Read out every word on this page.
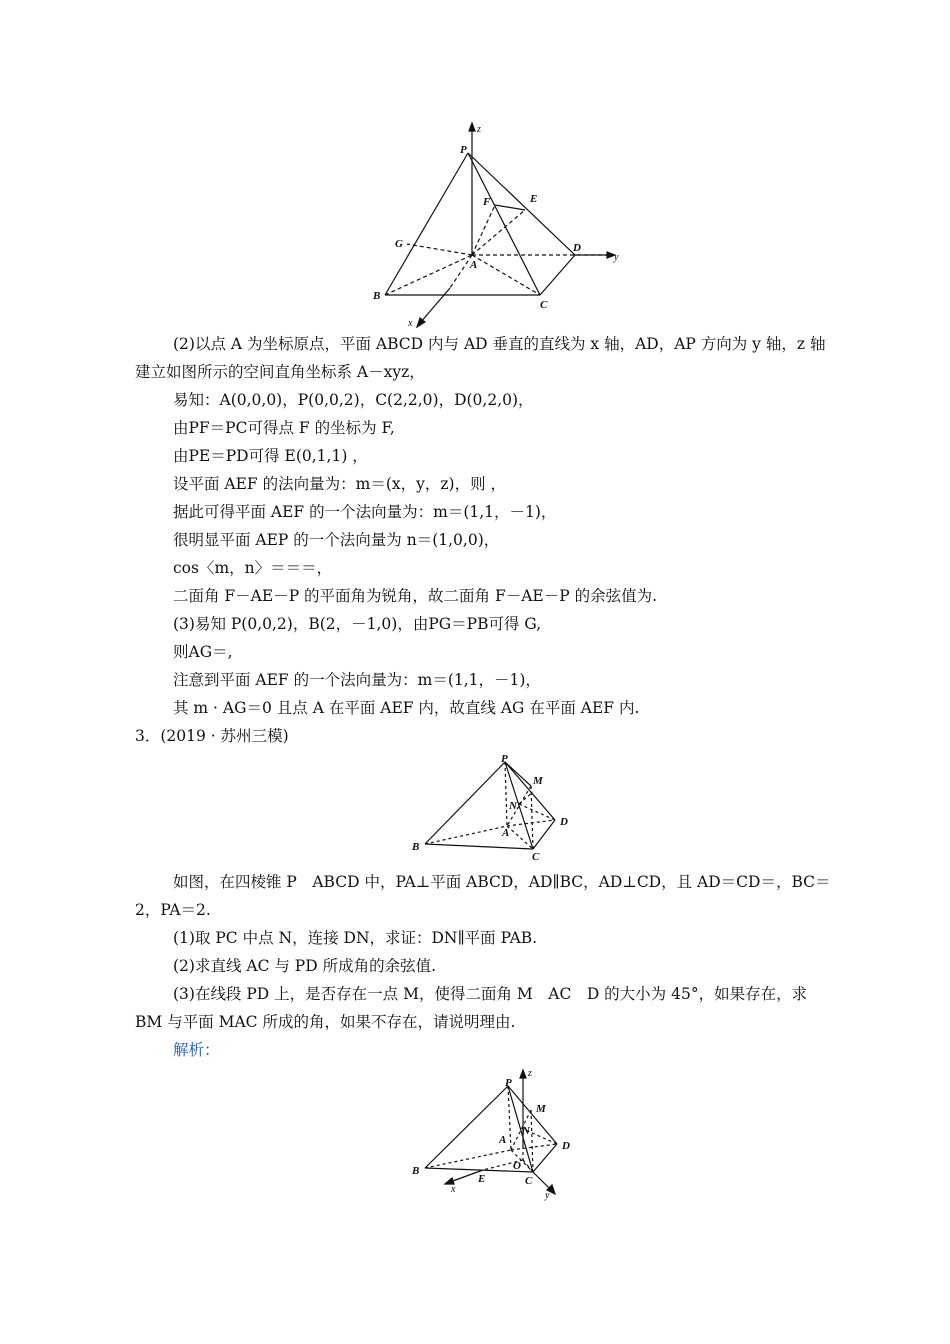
z
y
x
P
E
F
G	D
A
B
C
(2)以点 A 为坐标原点，平面 ABCD 内与 AD 垂直的直线为 x 轴，AD，AP 方向为 y 轴，z 轴
建立如图所示的空间直角坐标系 A－xyz，
易知：A(0,0,0)，P(0,0,2)，C(2,2,0)，D(0,2,0)，
由PF＝PC可得点 F 的坐标为 F,
由PE＝PD可得 E(0,1,1) ，
设平面 AEF 的法向量为：m＝(x，y，z)，则 ，
据此可得平面 AEF 的一个法向量为：m＝(1,1，－1)，
很明显平面 AEP 的一个法向量为 n＝(1,0,0)，
cos〈m，n〉＝＝＝，
二面角 F－AE－P 的平面角为锐角，故二面角 F－AE－P 的余弦值为.
(3)易知 P(0,0,2)，B(2，－1,0)，由PG＝PB可得 G,
则AG＝,
注意到平面 AEF 的一个法向量为：m＝(1,1，－1)，
其 m · AG＝0 且点 A 在平面 AEF 内，故直线 AG 在平面 AEF 内.
3．(2019 · 苏州三模)
P
M
N
A
D
B
C
如图，在四棱锥 P　ABCD 中，PA⊥平面 ABCD，AD∥BC，AD⊥CD，且 AD＝CD＝，BC＝
2，PA＝2.
(1)取 PC 中点 N，连接 DN，求证：DN∥平面 PAB.
(2)求直线 AC 与 PD 所成角的余弦值.
(3)在线段 PD 上，是否存在一点 M，使得二面角 M　AC　D 的大小为 45°，如果存在，求
BM 与平面 MAC 所成的角，如果不存在，请说明理由.
解析：
z
P
M
N
A	D
B
E
O
C
x
y
